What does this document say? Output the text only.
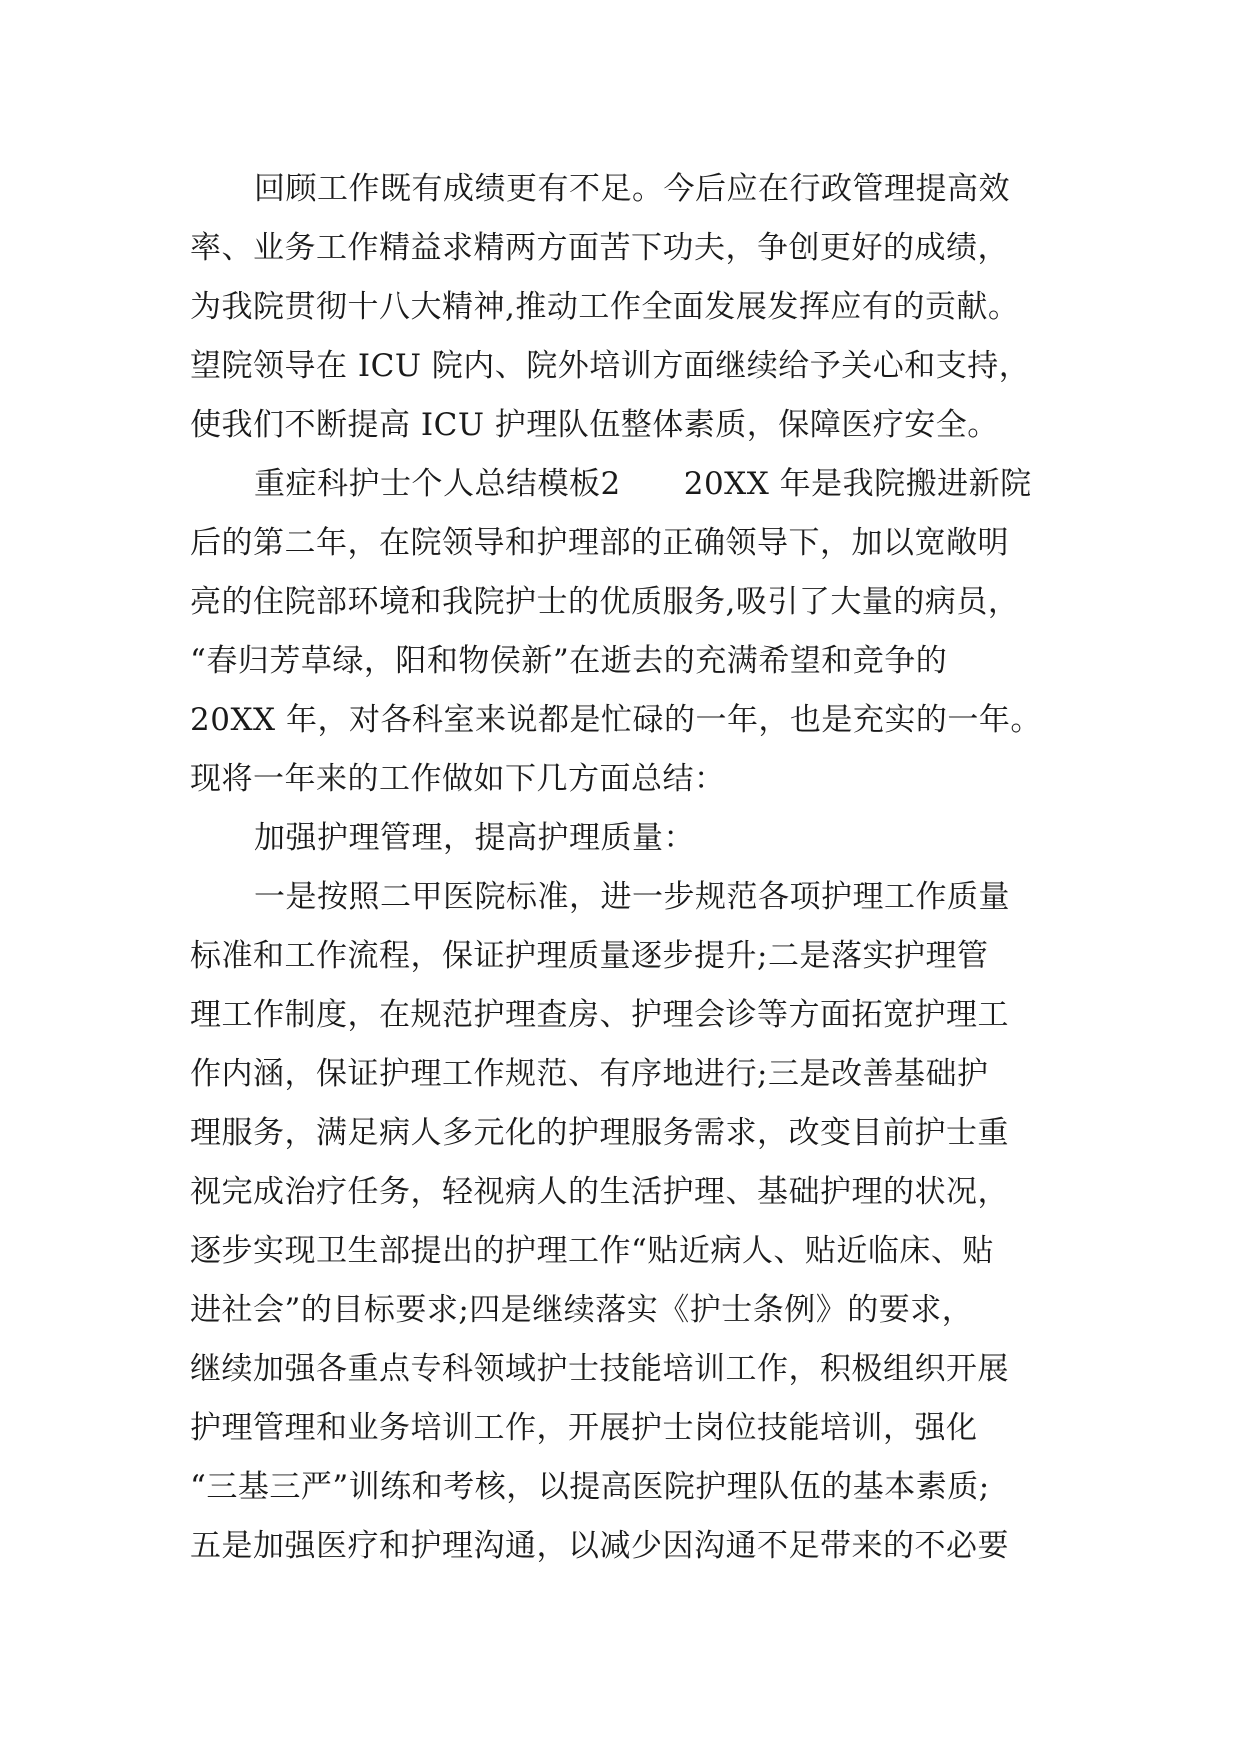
回顾工作既有成绩更有不足。今后应在行政管理提高效
率、业务工作精益求精两方面苦下功夫，争创更好的成绩，
为我院贯彻十八大精神,推动工作全面发展发挥应有的贡献。
望院领导在 ICU 院内、院外培训方面继续给予关心和支持，
使我们不断提高 ICU 护理队伍整体素质，保障医疗安全。
重症科护士个人总结模板2　　20XX 年是我院搬进新院
后的第二年，在院领导和护理部的正确领导下，加以宽敞明
亮的住院部环境和我院护士的优质服务,吸引了大量的病员，
“春归芳草绿，阳和物侯新”在逝去的充满希望和竞争的
20XX 年，对各科室来说都是忙碌的一年，也是充实的一年。
现将一年来的工作做如下几方面总结：
加强护理管理，提高护理质量：
一是按照二甲医院标准，进一步规范各项护理工作质量
标准和工作流程，保证护理质量逐步提升;二是落实护理管
理工作制度，在规范护理查房、护理会诊等方面拓宽护理工
作内涵，保证护理工作规范、有序地进行;三是改善基础护
理服务，满足病人多元化的护理服务需求，改变目前护士重
视完成治疗任务，轻视病人的生活护理、基础护理的状况，
逐步实现卫生部提出的护理工作“贴近病人、贴近临床、贴
进社会”的目标要求;四是继续落实《护士条例》的要求，
继续加强各重点专科领域护士技能培训工作，积极组织开展
护理管理和业务培训工作，开展护士岗位技能培训，强化
“三基三严”训练和考核，以提高医院护理队伍的基本素质;
五是加强医疗和护理沟通，以减少因沟通不足带来的不必要
